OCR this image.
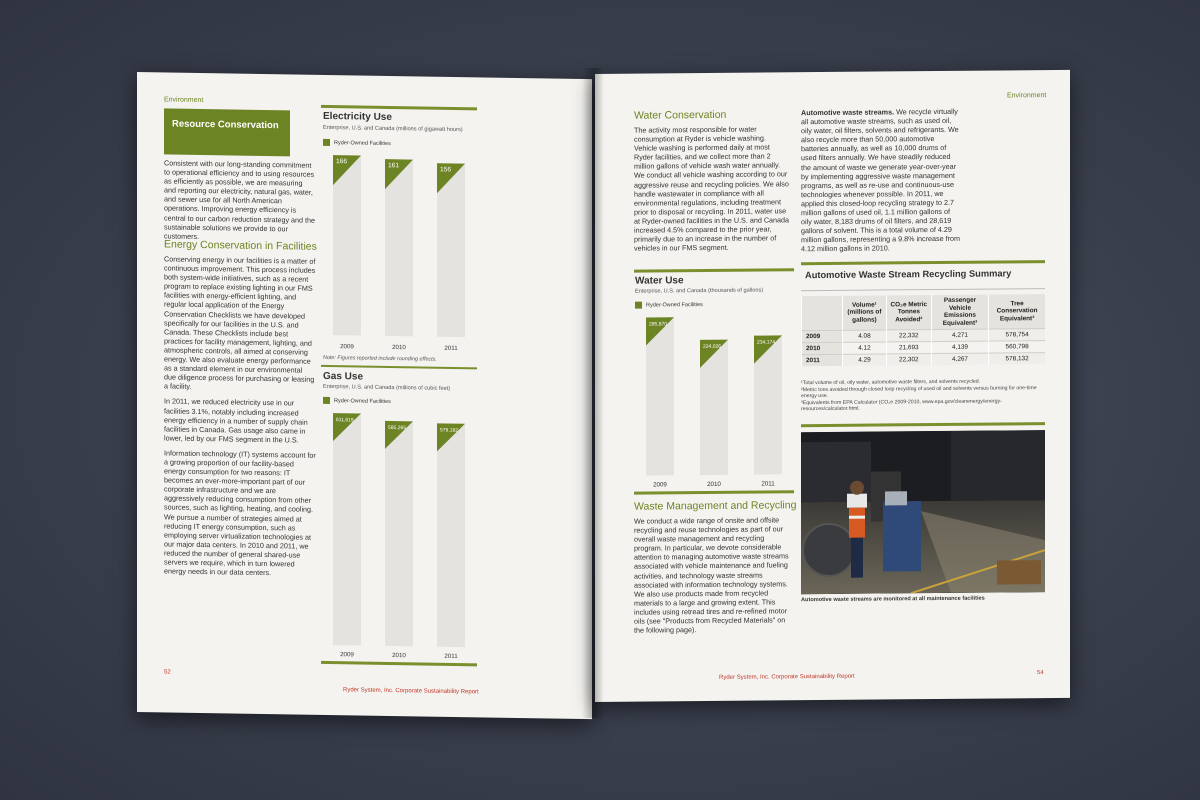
Environment
Resource Conservation

Consistent with our long-standing commitment to operational efficiency and to using resources as efficiently as possible, we are measuring and reporting our electricity, natural gas, water, and sewer use for all North American operations. Improving energy efficiency is central to our carbon reduction strategy and the sustainable solutions we provide to our customers.

Energy Conservation in Facilities

Conserving energy in our facilities is a matter of continuous improvement. This process includes both system-wide initiatives, such as a recent program to replace existing lighting in our FMS facilities with energy-efficient lighting, and regular local application of the Energy Conservation Checklists we have developed specifically for our facilities in the U.S. and Canada. These Checklists include best practices for facility management, lighting, and atmospheric controls, all aimed at conserving energy. We also evaluate energy performance as a standard element in our environmental due diligence process for purchasing or leasing a facility.

In 2011, we reduced electricity use in our facilities 3.1%, notably including increased energy efficiency in a number of supply chain facilities in Canada. Gas usage also came in lower, led by our FMS segment in the U.S.

Information technology (IT) systems account for a growing proportion of our facility-based energy consumption for two reasons: IT becomes an ever-more-important part of our corporate infrastructure and we are aggressively reducing consumption from other sources, such as lighting, heating, and cooling. We pursue a number of strategies aimed at reducing IT energy consumption, such as employing server virtualization technologies at our major data centers. In 2010 and 2011, we reduced the number of general shared-use servers we require, which in turn lowered energy needs in our data centers.

Electricity Use
Enterprise, U.S. and Canada (millions of gigawatt hours)
Ryder-Owned Facilities
166
2009
161
2010
156
2011
Note: Figures reported include rounding effects.
Gas Use
Enterprise, U.S. and Canada (millions of cubic feet)
Ryder-Owned Facilities
611,619
2009
585,265
2010
579,192
2011
52
Ryder System, Inc. Corporate Sustainability Report
Environment
Water Conservation

The activity most responsible for water consumption at Ryder is vehicle washing. Vehicle washing is performed daily at most Ryder facilities, and we collect more than 2 million gallons of vehicle wash water annually. We conduct all vehicle washing according to our aggressive reuse and recycling policies. We also handle wastewater in compliance with all environmental regulations, including treatment prior to disposal or recycling. In 2011, water use at Ryder-owned facilities in the U.S. and Canada increased 4.5% compared to the prior year, primarily due to an increase in the number of vehicles in our FMS segment.

Automotive waste streams. We recycle virtually all automotive waste streams, such as used oil, oily water, oil filters, solvents and refrigerants. We also recycle more than 50,000 automotive batteries annually, as well as 10,000 drums of used filters annually. We have steadily reduced the amount of waste we generate year-over-year by implementing aggressive waste management programs, as well as re-use and continuous-use technologies whenever possible. In 2011, we applied this closed-loop recycling strategy to 2.7 million gallons of used oil, 1.1 million gallons of oily water, 8,183 drums of oil filters, and 28,619 gallons of solvent. This is a total volume of 4.29 million gallons, representing a 9.8% increase from 4.12 million gallons in 2010.

Water Use
Enterprise, U.S. and Canada (thousands of gallons)
Ryder-Owned Facilities
285,870
2009
224,026
2010
234,174
2011
Waste Management and Recycling

We conduct a wide range of onsite and offsite recycling and reuse technologies as part of our overall waste management and recycling program. In particular, we devote considerable attention to managing automotive waste streams associated with vehicle maintenance and fueling activities, and technology waste streams associated with information technology systems. We also use products made from recycled materials to a large and growing extent. This includes using retread tires and re-refined motor oils (see "Products from Recycled Materials" on the following page).

Automotive Waste Stream Recycling Summary
	Volume¹ (millions of gallons)	CO₂e Metric Tonnes Avoided²	Passenger Vehicle Emissions Equivalent³	Tree Conservation Equivalent³
2009	4.08	22,332	4,271	578,754
2010	4.12	21,693	4,139	560,798
2011	4.29	22,302	4,267	578,132
¹Total volume of oil, oily water, automotive waste filters, and solvents recycled.
²Metric tons avoided through closed loop recycling of used oil and solvents versus burning for one-time energy use.
³Equivalents from EPA Calculator (CO₂e 2009-2010, www.epa.gov/cleanenergy/energy-resources/calculator.html.
Automotive waste streams are monitored at all maintenance facilities
Ryder System, Inc. Corporate Sustainability Report
54
